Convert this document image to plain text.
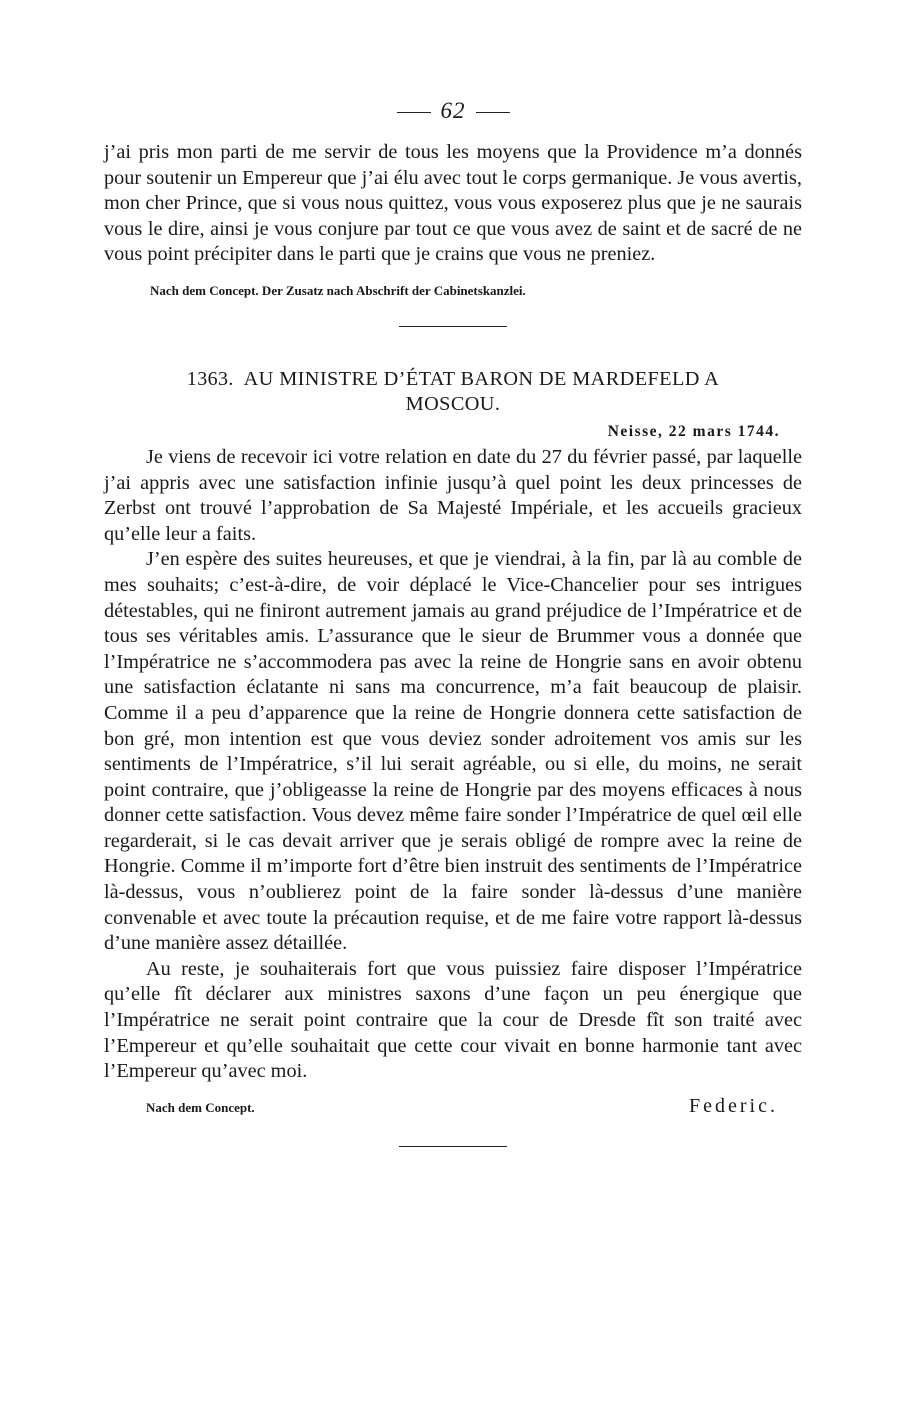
62

j’ai pris mon parti de me servir de tous les moyens que la Providence m’a donnés pour soutenir un Empereur que j’ai élu avec tout le corps germanique. Je vous avertis, mon cher Prince, que si vous nous quittez, vous vous exposerez plus que je ne saurais vous le dire, ainsi je vous conjure par tout ce que vous avez de saint et de sacré de ne vous point précipiter dans le parti que je crains que vous ne preniez.

Nach dem Concept. Der Zusatz nach Abschrift der Cabinetskanzlei.
1363. AU MINISTRE D’ÉTAT BARON DE MARDEFELD A
MOSCOU.
Neisse, 22 mars 1744.

Je viens de recevoir ici votre relation en date du 27 du février passé, par laquelle j’ai appris avec une satisfaction infinie jusqu’à quel point les deux princesses de Zerbst ont trouvé l’approbation de Sa Majesté Impériale, et les accueils gracieux qu’elle leur a faits.

J’en espère des suites heureuses, et que je viendrai, à la fin, par là au comble de mes souhaits; c’est-à-dire, de voir déplacé le Vice-Chancelier pour ses intrigues détestables, qui ne finiront autrement jamais au grand préjudice de l’Impératrice et de tous ses véritables amis. L’assurance que le sieur de Brummer vous a donnée que l’Impératrice ne s’accommodera pas avec la reine de Hongrie sans en avoir obtenu une satisfaction éclatante ni sans ma concurrence, m’a fait beaucoup de plaisir. Comme il a peu d’apparence que la reine de Hongrie donnera cette satisfaction de bon gré, mon intention est que vous deviez sonder adroitement vos amis sur les sentiments de l’Impératrice, s’il lui serait agréable, ou si elle, du moins, ne serait point contraire, que j’obligeasse la reine de Hongrie par des moyens efficaces à nous donner cette satisfaction. Vous devez même faire sonder l’Impératrice de quel œil elle regarderait, si le cas devait arriver que je serais obligé de rompre avec la reine de Hongrie. Comme il m’importe fort d’être bien instruit des sentiments de l’Impératrice là-dessus, vous n’oublierez point de la faire sonder là-dessus d’une manière convenable et avec toute la précaution requise, et de me faire votre rapport là-dessus d’une manière assez détaillée.

Au reste, je souhaiterais fort que vous puissiez faire disposer l’Impératrice qu’elle fît déclarer aux ministres saxons d’une façon un peu énergique que l’Impératrice ne serait point contraire que la cour de Dresde fît son traité avec l’Empereur et qu’elle souhaitait que cette cour vivait en bonne harmonie tant avec l’Empereur qu’avec moi.

Nach dem Concept.	Federic.
